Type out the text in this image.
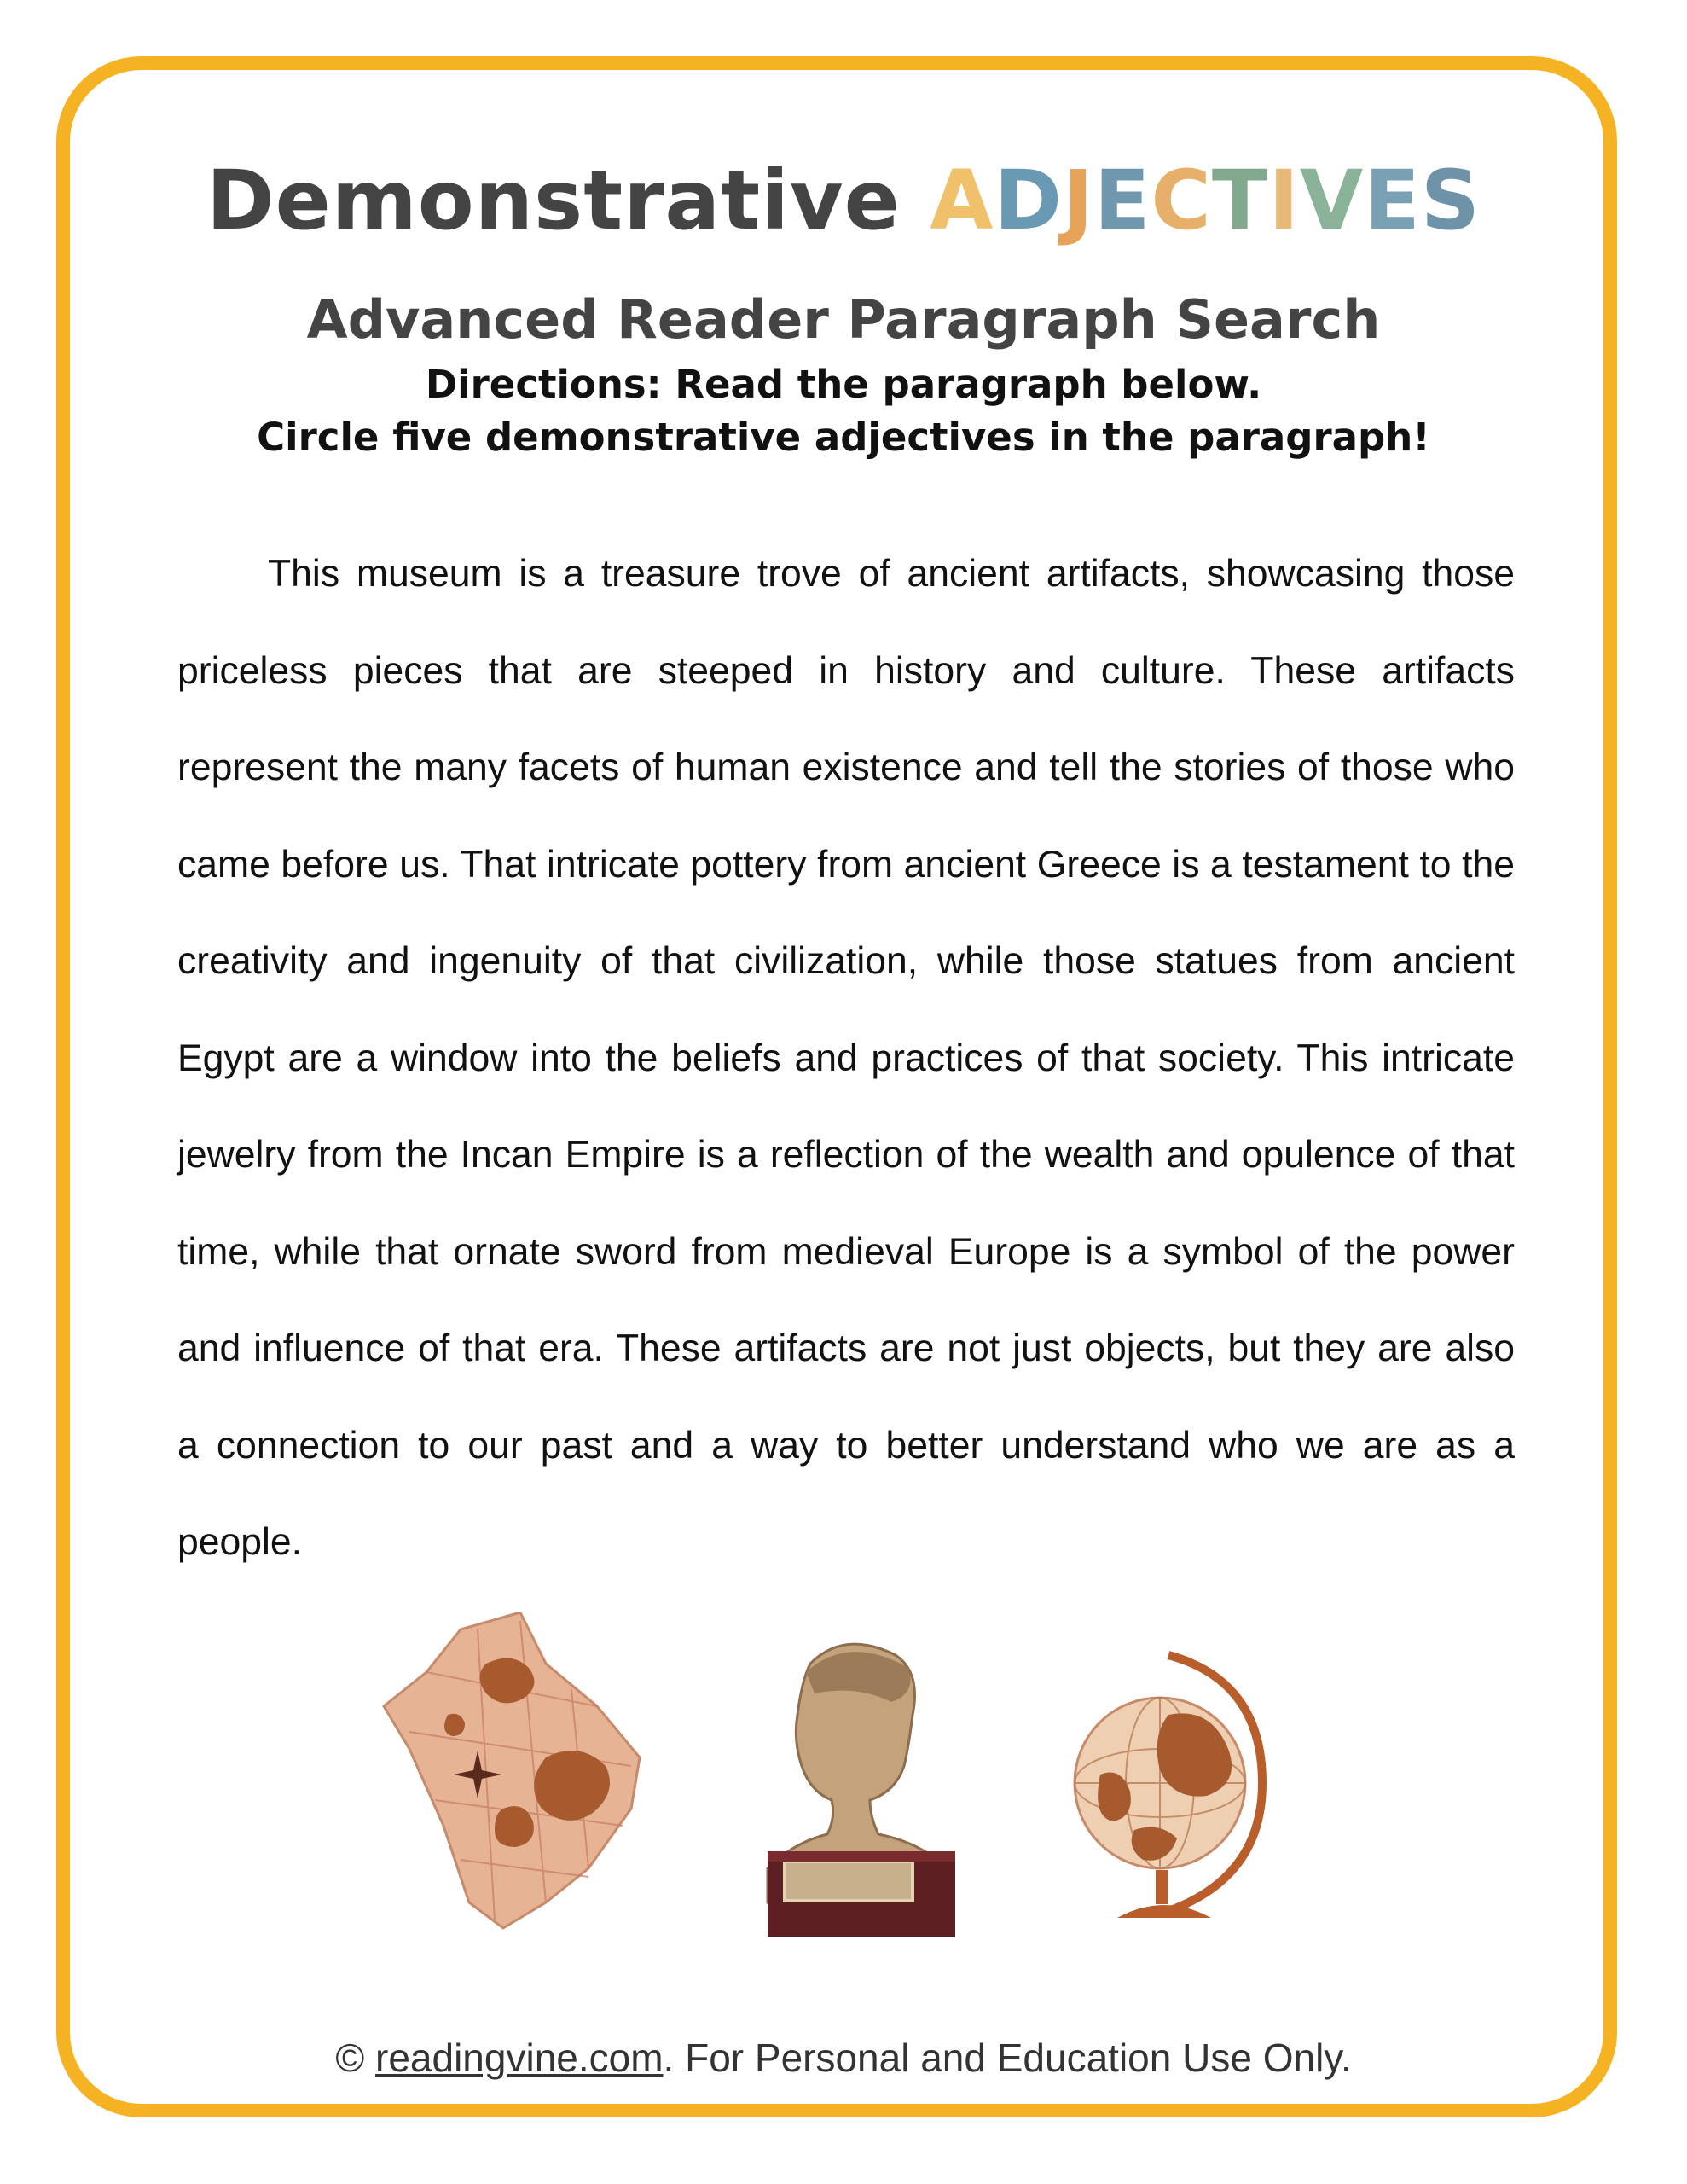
Demonstrative ADJECTIVES
Advanced Reader Paragraph Search
Directions: Read the paragraph below.
Circle five demonstrative adjectives in the paragraph!

This museum is a treasure trove of ancient artifacts, showcasing those priceless pieces that are steeped in history and culture. These artifacts represent the many facets of human existence and tell the stories of those who came before us. That intricate pottery from ancient Greece is a testament to the creativity and ingenuity of that civilization, while those statues from ancient Egypt are a window into the beliefs and practices of that society. This intricate jewelry from the Incan Empire is a reflection of the wealth and opulence of that time, while that ornate sword from medieval Europe is a symbol of the power and influence of that era. These artifacts are not just objects, but they are also a connection to our past and a way to better understand who we are as a people.

© readingvine.com. For Personal and Education Use Only.
